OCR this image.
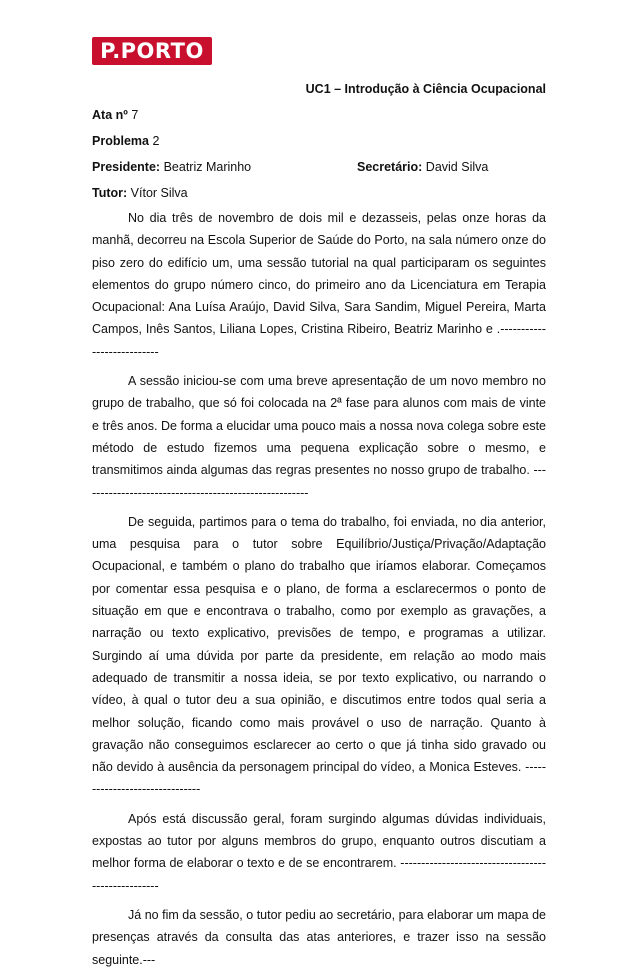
P.PORTO
UC1 – Introdução à Ciência Ocupacional
Ata nº 7
Problema 2
Presidente: Beatriz Marinho	Secretário: David Silva
Tutor: Vítor Silva

No dia três de novembro de dois mil e dezasseis, pelas onze horas da manhã, decorreu na Escola Superior de Saúde do Porto, na sala número onze do piso zero do edifício um, uma sessão tutorial na qual participaram os seguintes elementos do grupo número cinco, do primeiro ano da Licenciatura em Terapia Ocupacional: Ana Luísa Araújo, David Silva, Sara Sandim, Miguel Pereira, Marta Campos, Inês Santos, Liliana Lopes, Cristina Ribeiro, Beatriz Marinho e .---------------------------

A sessão iniciou-se com uma breve apresentação de um novo membro no grupo de trabalho, que só foi colocada na 2ª fase para alunos com mais de vinte e três anos. De forma a elucidar uma pouco mais a nossa nova colega sobre este método de estudo fizemos uma pequena explicação sobre o mesmo, e transmitimos ainda algumas das regras presentes no nosso grupo de trabalho. -------------------------------------------------------

De seguida, partimos para o tema do trabalho, foi enviada, no dia anterior, uma pesquisa para o tutor sobre Equilíbrio/Justiça/Privação/Adaptação Ocupacional, e também o plano do trabalho que iríamos elaborar. Começamos por comentar essa pesquisa e o plano, de forma a esclarecermos o ponto de situação em que e encontrava o trabalho, como por exemplo as gravações, a narração ou texto explicativo, previsões de tempo, e programas a utilizar. Surgindo aí uma dúvida por parte da presidente, em relação ao modo mais adequado de transmitir a nossa ideia, se por texto explicativo, ou narrando o vídeo, à qual o tutor deu a sua opinião, e discutimos entre todos qual seria a melhor solução, ficando como mais provável o uso de narração. Quanto à gravação não conseguimos esclarecer ao certo o que já tinha sido gravado ou não devido à ausência da personagem principal do vídeo, a Monica Esteves. -------------------------------

Após está discussão geral, foram surgindo algumas dúvidas individuais, expostas ao tutor por alguns membros do grupo, enquanto outros discutiam a melhor forma de elaborar o texto e de se encontrarem. ---------------------------------------------------

Já no fim da sessão, o tutor pediu ao secretário, para elaborar um mapa de presenças através da consulta das atas anteriores, e trazer isso na sessão seguinte.---
